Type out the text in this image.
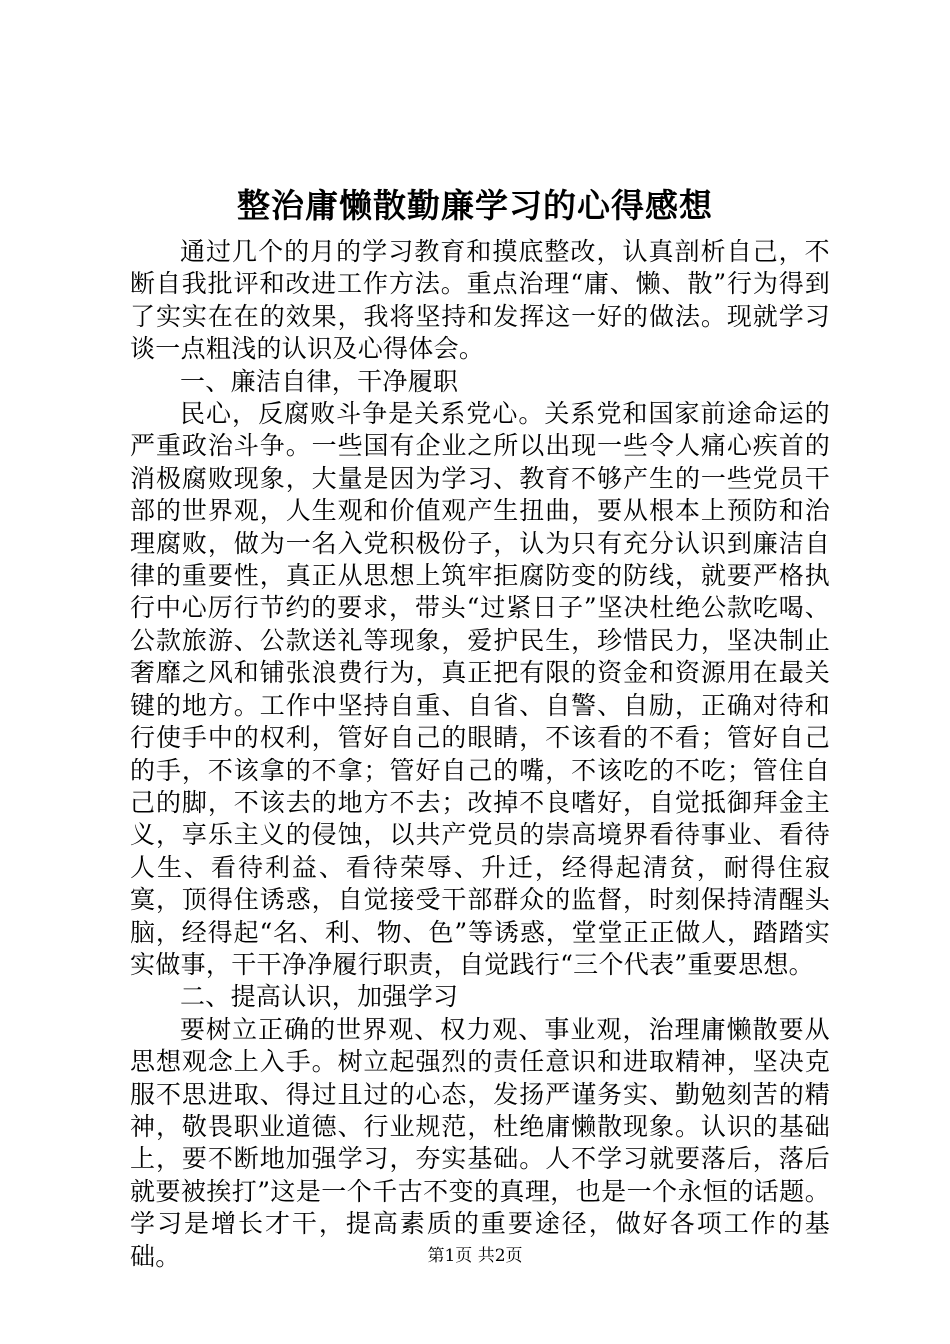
整治庸懒散勤廉学习的心得感想

通过几个的月的学习教育和摸底整改，认真剖析自己，不断自我批评和改进工作方法。重点治理“庸、懒、散”行为得到了实实在在的效果，我将坚持和发挥这一好的做法。现就学习谈一点粗浅的认识及心得体会。

一、廉洁自律，干净履职

民心，反腐败斗争是关系党心。关系党和国家前途命运的严重政治斗争。一些国有企业之所以出现一些令人痛心疾首的消极腐败现象，大量是因为学习、教育不够产生的一些党员干部的世界观，人生观和价值观产生扭曲，要从根本上预防和治理腐败，做为一名入党积极份子，认为只有充分认识到廉洁自律的重要性，真正从思想上筑牢拒腐防变的防线，就要严格执行中心厉行节约的要求，带头“过紧日子”坚决杜绝公款吃喝、公款旅游、公款送礼等现象，爱护民生，珍惜民力，坚决制止奢靡之风和铺张浪费行为，真正把有限的资金和资源用在最关键的地方。工作中坚持自重、自省、自警、自励，正确对待和行使手中的权利，管好自己的眼睛，不该看的不看；管好自己的手，不该拿的不拿；管好自己的嘴，不该吃的不吃；管住自己的脚，不该去的地方不去；改掉不良嗜好，自觉抵御拜金主义，享乐主义的侵蚀，以共产党员的崇高境界看待事业、看待人生、看待利益、看待荣辱、升迁，经得起清贫，耐得住寂寞，顶得住诱惑，自觉接受干部群众的监督，时刻保持清醒头脑，经得起“名、利、物、色”等诱惑，堂堂正正做人，踏踏实实做事，干干净净履行职责，自觉践行“三个代表”重要思想。

二、提高认识，加强学习

要树立正确的世界观、权力观、事业观，治理庸懒散要从思想观念上入手。树立起强烈的责任意识和进取精神，坚决克服不思进取、得过且过的心态，发扬严谨务实、勤勉刻苦的精神，敬畏职业道德、行业规范，杜绝庸懒散现象。认识的基础上，要不断地加强学习，夯实基础。人不学习就要落后，落后就要被挨打”这是一个千古不变的真理，也是一个永恒的话题。学习是增长才干，提高素质的重要途径，做好各项工作的基础。	第1页 共2页
